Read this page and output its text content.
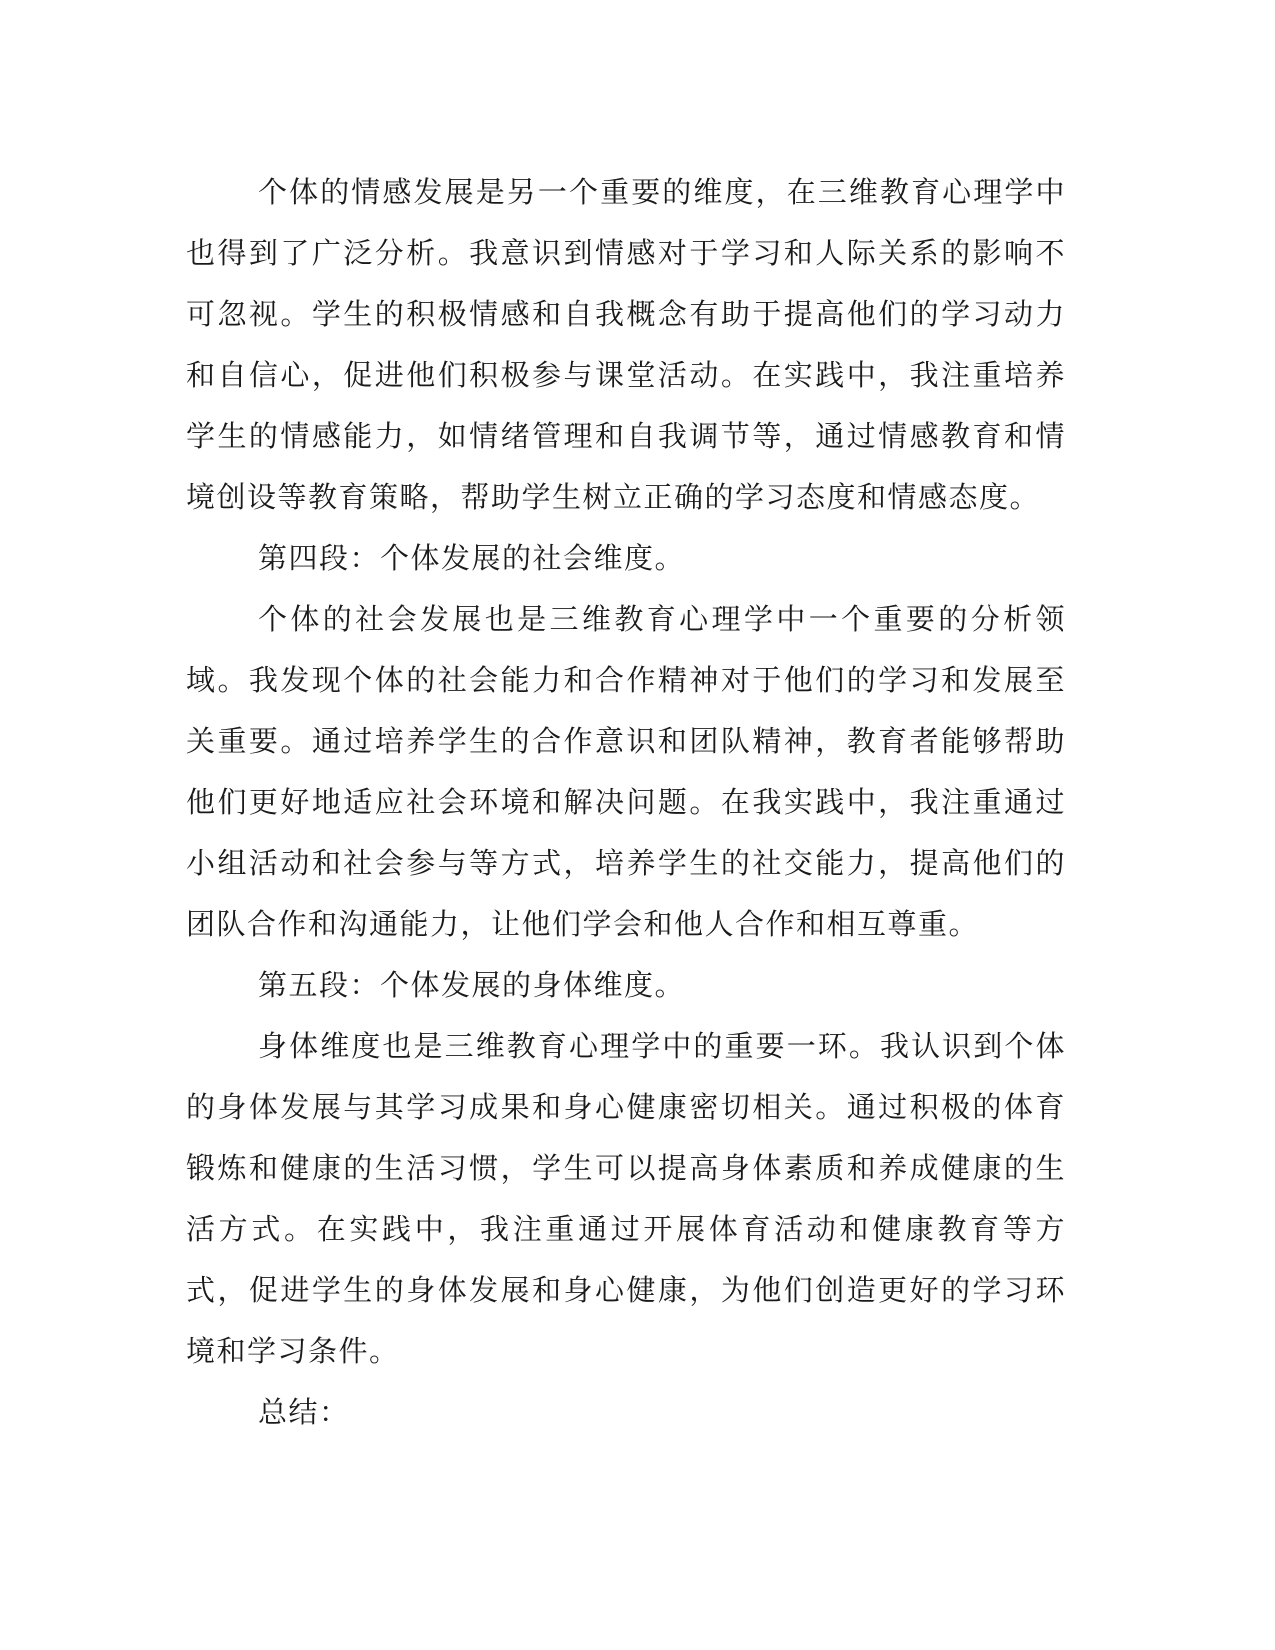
个体的情感发展是另一个重要的维度，在三维教育心理学中也得到了广泛分析。我意识到情感对于学习和人际关系的影响不可忽视。学生的积极情感和自我概念有助于提高他们的学习动力和自信心，促进他们积极参与课堂活动。在实践中，我注重培养学生的情感能力，如情绪管理和自我调节等，通过情感教育和情境创设等教育策略，帮助学生树立正确的学习态度和情感态度。

第四段：个体发展的社会维度。

个体的社会发展也是三维教育心理学中一个重要的分析领域。我发现个体的社会能力和合作精神对于他们的学习和发展至关重要。通过培养学生的合作意识和团队精神，教育者能够帮助他们更好地适应社会环境和解决问题。在我实践中，我注重通过小组活动和社会参与等方式，培养学生的社交能力，提高他们的团队合作和沟通能力，让他们学会和他人合作和相互尊重。

第五段：个体发展的身体维度。

身体维度也是三维教育心理学中的重要一环。我认识到个体的身体发展与其学习成果和身心健康密切相关。通过积极的体育锻炼和健康的生活习惯，学生可以提高身体素质和养成健康的生活方式。在实践中，我注重通过开展体育活动和健康教育等方式，促进学生的身体发展和身心健康，为他们创造更好的学习环境和学习条件。

总结：
